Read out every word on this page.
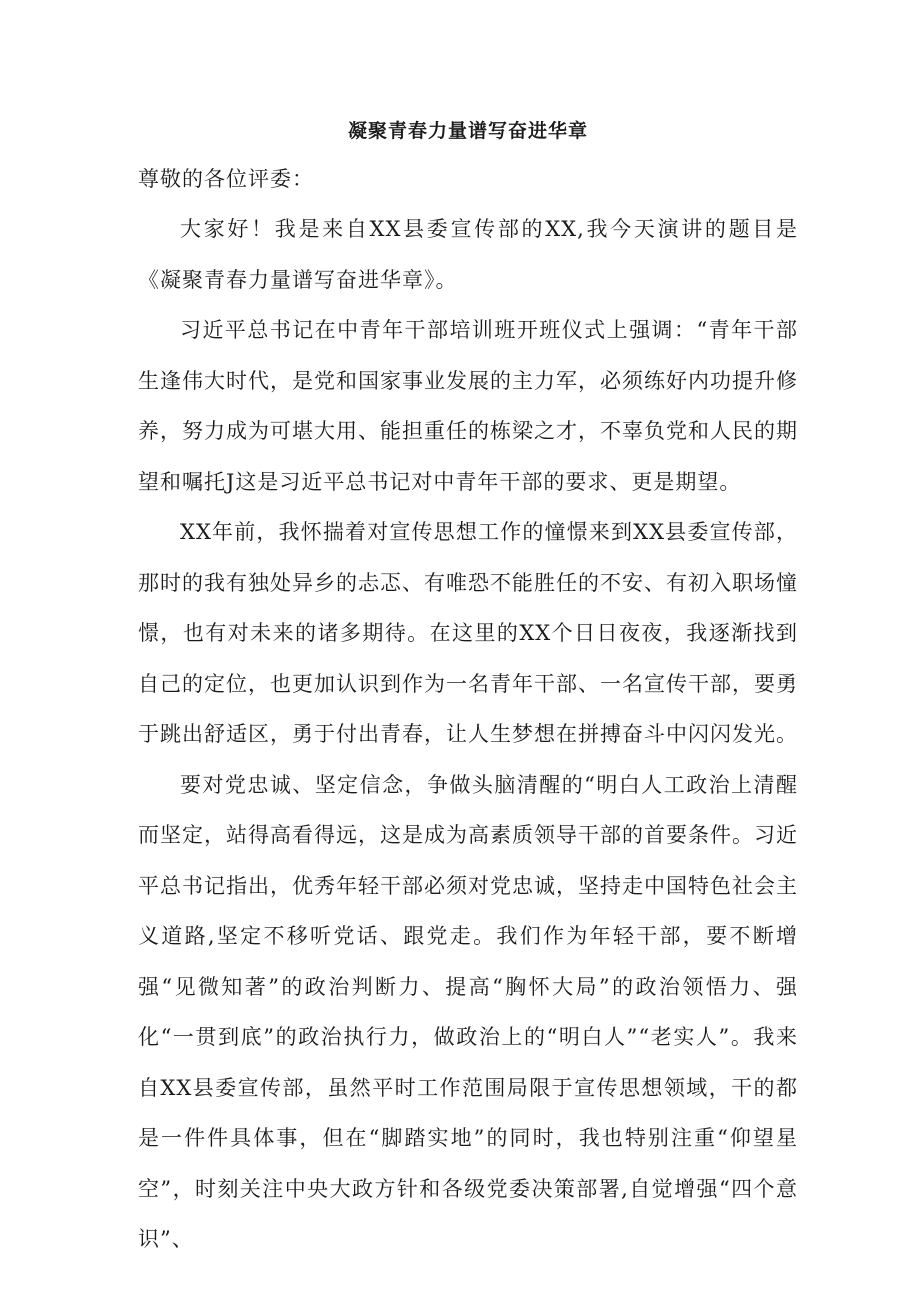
凝聚青春力量谱写奋进华章

尊敬的各位评委：

大家好！我是来自XX县委宣传部的XX,我今天演讲的题目是《凝聚青春力量谱写奋进华章》。

习近平总书记在中青年干部培训班开班仪式上强调：“青年干部生逢伟大时代，是党和国家事业发展的主力军，必须练好内功提升修养，努力成为可堪大用、能担重任的栋梁之才，不辜负党和人民的期望和嘱托J这是习近平总书记对中青年干部的要求、更是期望。

XX年前，我怀揣着对宣传思想工作的憧憬来到XX县委宣传部，那时的我有独处异乡的忐忑、有唯恐不能胜任的不安、有初入职场憧憬，也有对未来的诸多期待。在这里的XX个日日夜夜，我逐渐找到自己的定位，也更加认识到作为一名青年干部、一名宣传干部，要勇于跳出舒适区，勇于付出青春，让人生梦想在拼搏奋斗中闪闪发光。

要对党忠诚、坚定信念，争做头脑清醒的“明白人工政治上清醒而坚定，站得高看得远，这是成为高素质领导干部的首要条件。习近平总书记指出，优秀年轻干部必须对党忠诚，坚持走中国特色社会主义道路,坚定不移听党话、跟党走。我们作为年轻干部，要不断增强“见微知著”的政治判断力、提高“胸怀大局”的政治领悟力、强化“一贯到底”的政治执行力，做政治上的“明白人”“老实人”。我来自XX县委宣传部，虽然平时工作范围局限于宣传思想领域，干的都是一件件具体事，但在“脚踏实地”的同时，我也特别注重“仰望星空”，时刻关注中央大政方针和各级党委决策部署,自觉增强“四个意识”、
